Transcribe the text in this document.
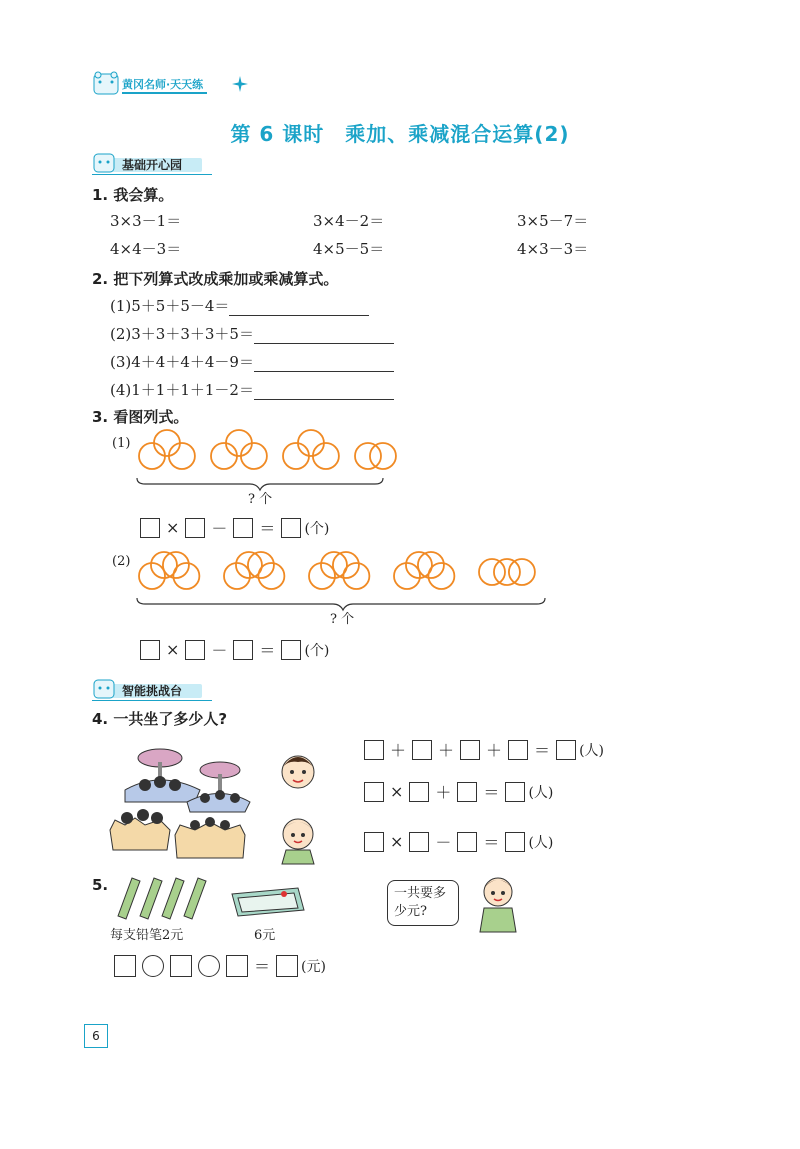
黄冈名师·天天练
第 6 课时　乘加、乘减混合运算(2)
基础开心园
1. 我会算。
3×3－1＝	3×4－2＝	3×5－7＝
4×4－3＝	4×5－5＝	4×3－3＝
2. 把下列算式改成乘加或乘减算式。
(1)5＋5＋5－4＝
(2)3＋3＋3＋3＋5＝
(3)4＋4＋4＋4－9＝
(4)1＋1＋1＋1－2＝
3. 看图列式。
(1)
? 个
× － ＝ (个)
(2)
? 个
× － ＝ (个)
智能挑战台
4. 一共坐了多少人?
＋ ＋ ＋ ＝ (人)
× ＋ ＝ (人)
× － ＝ (人)
5.
每支铅笔2元	6元
一共要多少元?
＝ (元)
6
